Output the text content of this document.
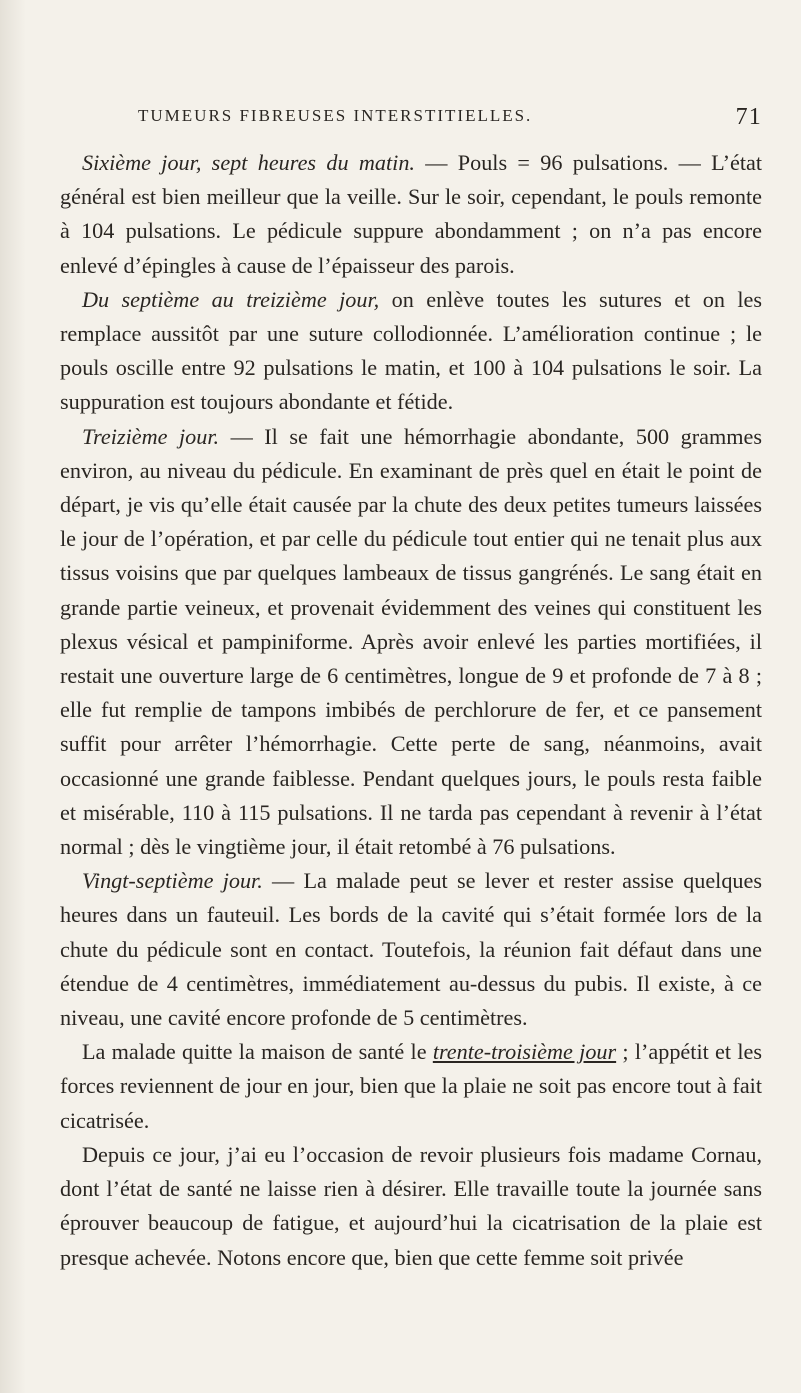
TUMEURS FIBREUSES INTERSTITIELLES.	71

Sixième jour, sept heures du matin. — Pouls = 96 pulsations. — L’état général est bien meilleur que la veille. Sur le soir, cependant, le pouls remonte à 104 pulsations. Le pédicule suppure abondamment ; on n’a pas encore enlevé d’épingles à cause de l’épaisseur des parois.

Du septième au treizième jour, on enlève toutes les sutures et on les remplace aussitôt par une suture collodionnée. L’amélioration continue ; le pouls oscille entre 92 pulsations le matin, et 100 à 104 pulsations le soir. La suppuration est toujours abondante et fétide.

Treizième jour. — Il se fait une hémorrhagie abondante, 500 grammes environ, au niveau du pédicule. En examinant de près quel en était le point de départ, je vis qu’elle était causée par la chute des deux petites tumeurs laissées le jour de l’opération, et par celle du pédicule tout entier qui ne tenait plus aux tissus voisins que par quelques lambeaux de tissus gangrénés. Le sang était en grande partie veineux, et provenait évidemment des veines qui constituent les plexus vésical et pampiniforme. Après avoir enlevé les parties mortifiées, il restait une ouverture large de 6 centimètres, longue de 9 et profonde de 7 à 8 ; elle fut remplie de tampons imbibés de perchlorure de fer, et ce pansement suffit pour arrêter l’hémorrhagie. Cette perte de sang, néanmoins, avait occasionné une grande faiblesse. Pendant quelques jours, le pouls resta faible et misérable, 110 à 115 pulsations. Il ne tarda pas cependant à revenir à l’état normal ; dès le vingtième jour, il était retombé à 76 pulsations.

Vingt-septième jour. — La malade peut se lever et rester assise quelques heures dans un fauteuil. Les bords de la cavité qui s’était formée lors de la chute du pédicule sont en contact. Toutefois, la réunion fait défaut dans une étendue de 4 centimètres, immédiatement au-dessus du pubis. Il existe, à ce niveau, une cavité encore profonde de 5 centimètres.

La malade quitte la maison de santé le trente-troisième jour ; l’appétit et les forces reviennent de jour en jour, bien que la plaie ne soit pas encore tout à fait cicatrisée.

Depuis ce jour, j’ai eu l’occasion de revoir plusieurs fois madame Cornau, dont l’état de santé ne laisse rien à désirer. Elle travaille toute la journée sans éprouver beaucoup de fatigue, et aujourd’hui la cicatrisation de la plaie est presque achevée. Notons encore que, bien que cette femme soit privée
